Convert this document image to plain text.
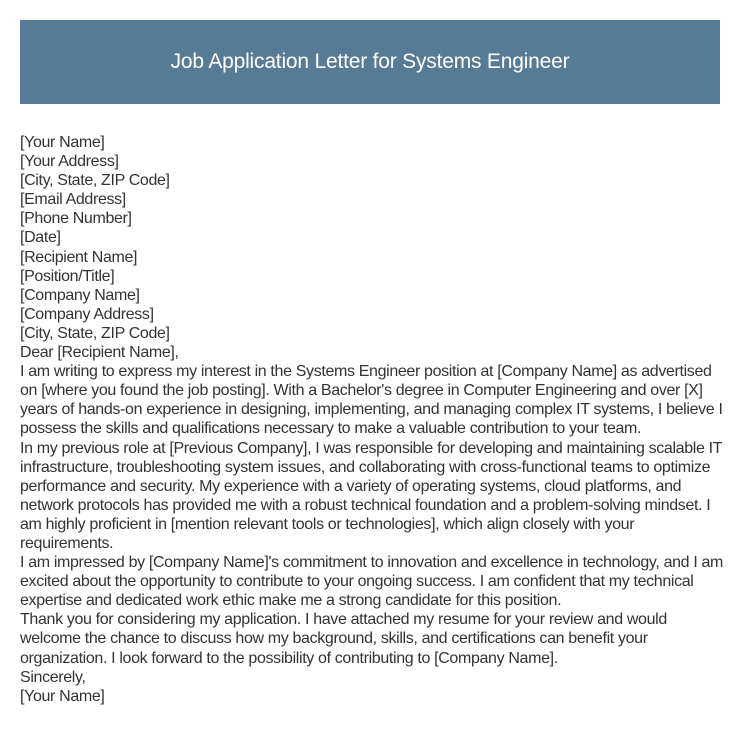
Job Application Letter for Systems Engineer

[Your Name]

[Your Address]

[City, State, ZIP Code]

[Email Address]

[Phone Number]

[Date]

[Recipient Name]

[Position/Title]

[Company Name]

[Company Address]

[City, State, ZIP Code]

Dear [Recipient Name],

I am writing to express my interest in the Systems Engineer position at [Company Name] as advertised on [where you found the job posting]. With a Bachelor's degree in Computer Engineering and over [X] years of hands-on experience in designing, implementing, and managing complex IT systems, I believe I possess the skills and qualifications necessary to make a valuable contribution to your team.

In my previous role at [Previous Company], I was responsible for developing and maintaining scalable IT infrastructure, troubleshooting system issues, and collaborating with cross-functional teams to optimize performance and security. My experience with a variety of operating systems, cloud platforms, and network protocols has provided me with a robust technical foundation and a problem-solving mindset. I am highly proficient in [mention relevant tools or technologies], which align closely with your requirements.

I am impressed by [Company Name]'s commitment to innovation and excellence in technology, and I am excited about the opportunity to contribute to your ongoing success. I am confident that my technical expertise and dedicated work ethic make me a strong candidate for this position.

Thank you for considering my application. I have attached my resume for your review and would welcome the chance to discuss how my background, skills, and certifications can benefit your organization. I look forward to the possibility of contributing to [Company Name].

Sincerely,

[Your Name]
